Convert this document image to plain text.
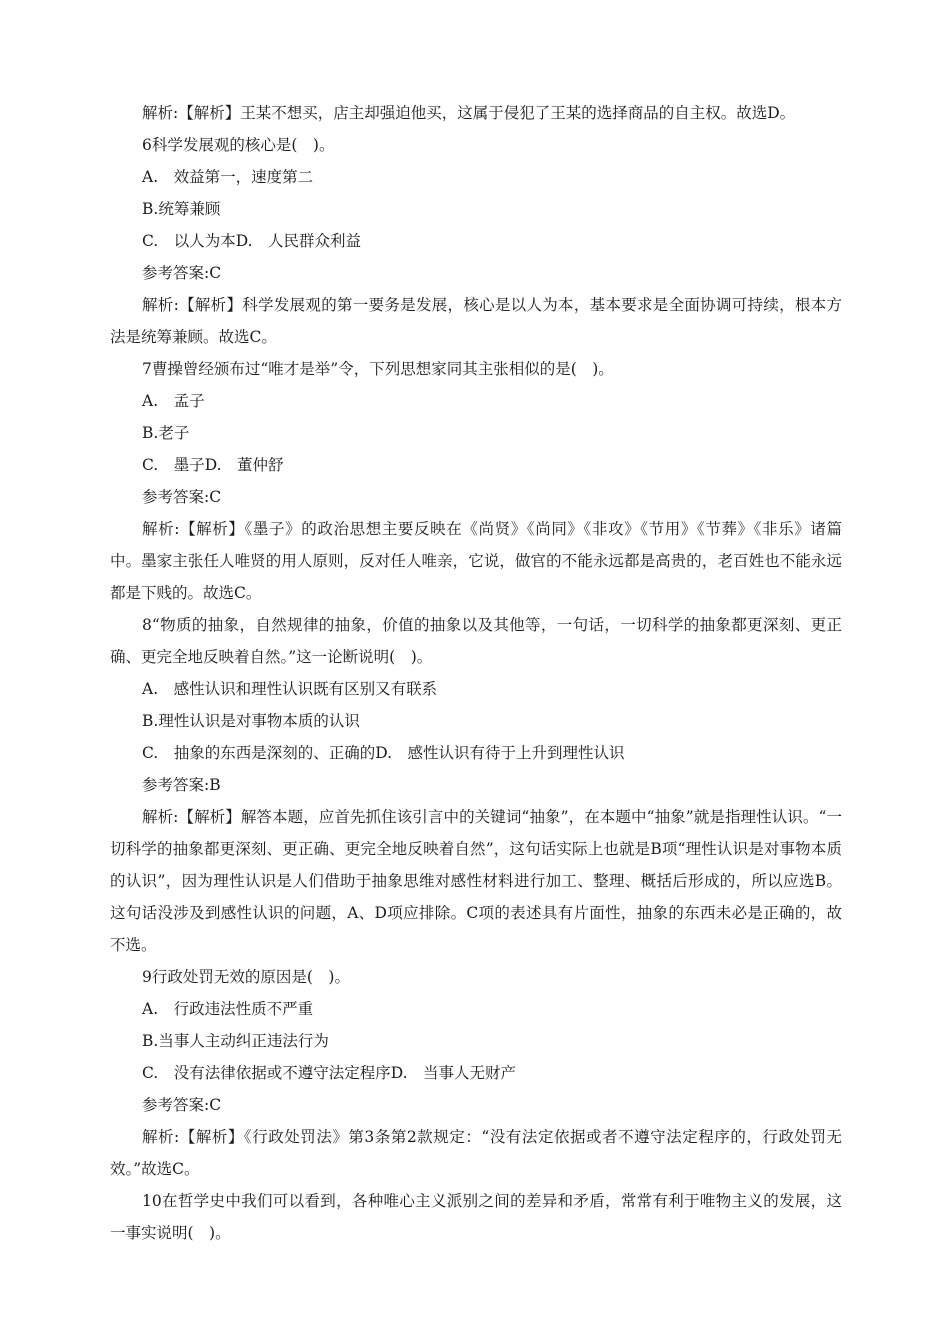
解析:【解析】王某不想买，店主却强迫他买，这属于侵犯了王某的选择商品的自主权。故选D。

6科学发展观的核心是(　)。

A.　效益第一，速度第二

B.统筹兼顾

C.　以人为本D.　人民群众利益

参考答案:C

解析:【解析】科学发展观的第一要务是发展，核心是以人为本，基本要求是全面协调可持续，根本方法是统筹兼顾。故选C。

7曹操曾经颁布过“唯才是举”令，下列思想家同其主张相似的是(　)。

A.　孟子

B.老子

C.　墨子D.　董仲舒

参考答案:C

解析:【解析】《墨子》的政治思想主要反映在《尚贤》《尚同》《非攻》《节用》《节葬》《非乐》诸篇中。墨家主张任人唯贤的用人原则，反对任人唯亲，它说，做官的不能永远都是高贵的，老百姓也不能永远都是下贱的。故选C。

8“物质的抽象，自然规律的抽象，价值的抽象以及其他等，一句话，一切科学的抽象都更深刻、更正确、更完全地反映着自然。”这一论断说明(　)。

A.　感性认识和理性认识既有区别又有联系

B.理性认识是对事物本质的认识

C.　抽象的东西是深刻的、正确的D.　感性认识有待于上升到理性认识

参考答案:B

解析:【解析】解答本题，应首先抓住该引言中的关键词“抽象”，在本题中“抽象”就是指理性认识。“一切科学的抽象都更深刻、更正确、更完全地反映着自然”，这句话实际上也就是B项“理性认识是对事物本质的认识”，因为理性认识是人们借助于抽象思维对感性材料进行加工、整理、概括后形成的，所以应选B。这句话没涉及到感性认识的问题，A、D项应排除。C项的表述具有片面性，抽象的东西未必是正确的，故不选。

9行政处罚无效的原因是(　)。

A.　行政违法性质不严重

B.当事人主动纠正违法行为

C.　没有法律依据或不遵守法定程序D.　当事人无财产

参考答案:C

解析:【解析】《行政处罚法》第3条第2款规定：“没有法定依据或者不遵守法定程序的，行政处罚无效。”故选C。

10在哲学史中我们可以看到，各种唯心主义派别之间的差异和矛盾，常常有利于唯物主义的发展，这一事实说明(　)。
